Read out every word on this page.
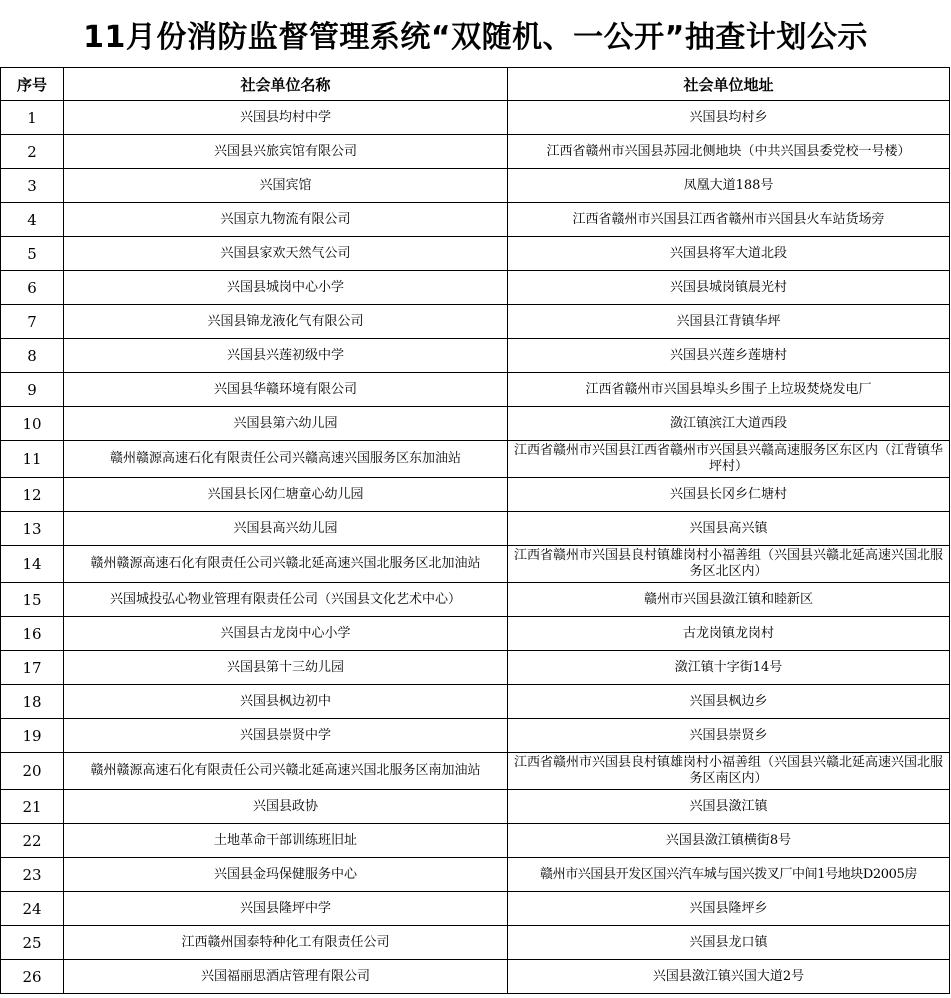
11月份消防监督管理系统“双随机、一公开”抽查计划公示
序号	社会单位名称	社会单位地址
1	兴国县均村中学	兴国县均村乡
2	兴国县兴旅宾馆有限公司	江西省赣州市兴国县苏园北侧地块（中共兴国县委党校一号楼）
3	兴国宾馆	凤凰大道188号
4	兴国京九物流有限公司	江西省赣州市兴国县江西省赣州市兴国县火车站货场旁
5	兴国县家欢天然气公司	兴国县将军大道北段
6	兴国县城岗中心小学	兴国县城岗镇晨光村
7	兴国县锦龙液化气有限公司	兴国县江背镇华坪
8	兴国县兴莲初级中学	兴国县兴莲乡莲塘村
9	兴国县华赣环境有限公司	江西省赣州市兴国县埠头乡围子上垃圾焚烧发电厂
10	兴国县第六幼儿园	潋江镇滨江大道西段
11	赣州赣源高速石化有限责任公司兴赣高速兴国服务区东加油站	江西省赣州市兴国县江西省赣州市兴国县兴赣高速服务区东区内（江背镇华坪村）
12	兴国县长冈仁塘童心幼儿园	兴国县长冈乡仁塘村
13	兴国县高兴幼儿园	兴国县高兴镇
14	赣州赣源高速石化有限责任公司兴赣北延高速兴国北服务区北加油站	江西省赣州市兴国县良村镇雄岗村小福善组（兴国县兴赣北延高速兴国北服务区北区内）
15	兴国城投弘心物业管理有限责任公司（兴国县文化艺术中心）	赣州市兴国县潋江镇和睦新区
16	兴国县古龙岗中心小学	古龙岗镇龙岗村
17	兴国县第十三幼儿园	潋江镇十字街14号
18	兴国县枫边初中	兴国县枫边乡
19	兴国县崇贤中学	兴国县崇贤乡
20	赣州赣源高速石化有限责任公司兴赣北延高速兴国北服务区南加油站	江西省赣州市兴国县良村镇雄岗村小福善组（兴国县兴赣北延高速兴国北服务区南区内）
21	兴国县政协	兴国县潋江镇
22	土地革命干部训练班旧址	兴国县潋江镇横街8号
23	兴国县金玛保健服务中心	赣州市兴国县开发区国兴汽车城与国兴拨叉厂中间1号地块D2005房
24	兴国县隆坪中学	兴国县隆坪乡
25	江西赣州国泰特种化工有限责任公司	兴国县龙口镇
26	兴国福丽思酒店管理有限公司	兴国县潋江镇兴国大道2号
